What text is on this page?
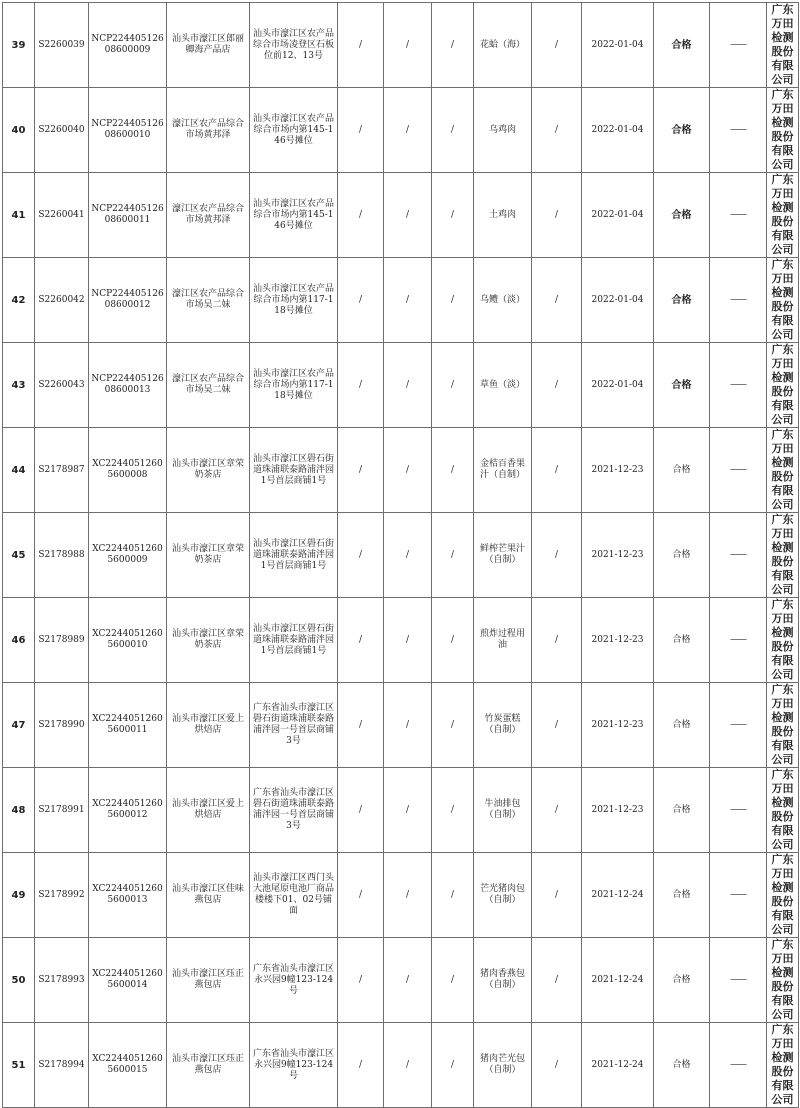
39	S2260039	NCP22440512608600009	汕头市濠江区郎丽卿海产品店	汕头市濠江区农产品综合市场凌登区石板位前12、13号	/	/	/	花蛤（海）	/	2022-01-04	合格	——	广东万田检测股份有限公司
40	S2260040	NCP22440512608600010	濠江区农产品综合市场黄邦泽	汕头市濠江区农产品综合市场内第145-146号摊位	/	/	/	乌鸡肉	/	2022-01-04	合格	——	广东万田检测股份有限公司
41	S2260041	NCP22440512608600011	濠江区农产品综合市场黄邦泽	汕头市濠江区农产品综合市场内第145-146号摊位	/	/	/	土鸡肉	/	2022-01-04	合格	——	广东万田检测股份有限公司
42	S2260042	NCP22440512608600012	濠江区农产品综合市场吴二妹	汕头市濠江区农产品综合市场内第117-118号摊位	/	/	/	乌鳢（淡）	/	2022-01-04	合格	——	广东万田检测股份有限公司
43	S2260043	NCP22440512608600013	濠江区农产品综合市场吴二妹	汕头市濠江区农产品综合市场内第117-118号摊位	/	/	/	草鱼（淡）	/	2022-01-04	合格	——	广东万田检测股份有限公司
44	S2178987	XC22440512605600008	汕头市濠江区章荣奶茶店	汕头市濠江区礐石街道珠浦联泰路浦泮园1号首层商铺1号	/	/	/	金桔百香果汁（自制）	/	2021-12-23	合格	——	广东万田检测股份有限公司
45	S2178988	XC22440512605600009	汕头市濠江区章荣奶茶店	汕头市濠江区礐石街道珠浦联泰路浦泮园1号首层商铺1号	/	/	/	鲜榨芒果汁（自制）	/	2021-12-23	合格	——	广东万田检测股份有限公司
46	S2178989	XC22440512605600010	汕头市濠江区章荣奶茶店	汕头市濠江区礐石街道珠浦联泰路浦泮园1号首层商铺1号	/	/	/	煎炸过程用油	/	2021-12-23	合格	——	广东万田检测股份有限公司
47	S2178990	XC22440512605600011	汕头市濠江区爱上烘焙店	广东省汕头市濠江区礐石街道珠浦联泰路浦泮园一号首层商铺3号	/	/	/	竹炭蛋糕（自制）	/	2021-12-23	合格	——	广东万田检测股份有限公司
48	S2178991	XC22440512605600012	汕头市濠江区爱上烘焙店	广东省汕头市濠江区礐石街道珠浦联泰路浦泮园一号首层商铺3号	/	/	/	牛油排包（自制）	/	2021-12-23	合格	——	广东万田检测股份有限公司
49	S2178992	XC22440512605600013	汕头市濠江区佳味燕包店	汕头市濠江区西门头大池尾原电池厂商品楼楼下01、02号铺面	/	/	/	芒光猪肉包（自制）	/	2021-12-24	合格	——	广东万田检测股份有限公司
50	S2178993	XC22440512605600014	汕头市濠江区珏正燕包店	广东省汕头市濠江区永兴园9幢123-124号	/	/	/	猪肉香燕包（自制）	/	2021-12-24	合格	——	广东万田检测股份有限公司
51	S2178994	XC22440512605600015	汕头市濠江区珏正燕包店	广东省汕头市濠江区永兴园9幢123-124号	/	/	/	猪肉芒光包（自制）	/	2021-12-24	合格	——	广东万田检测股份有限公司
